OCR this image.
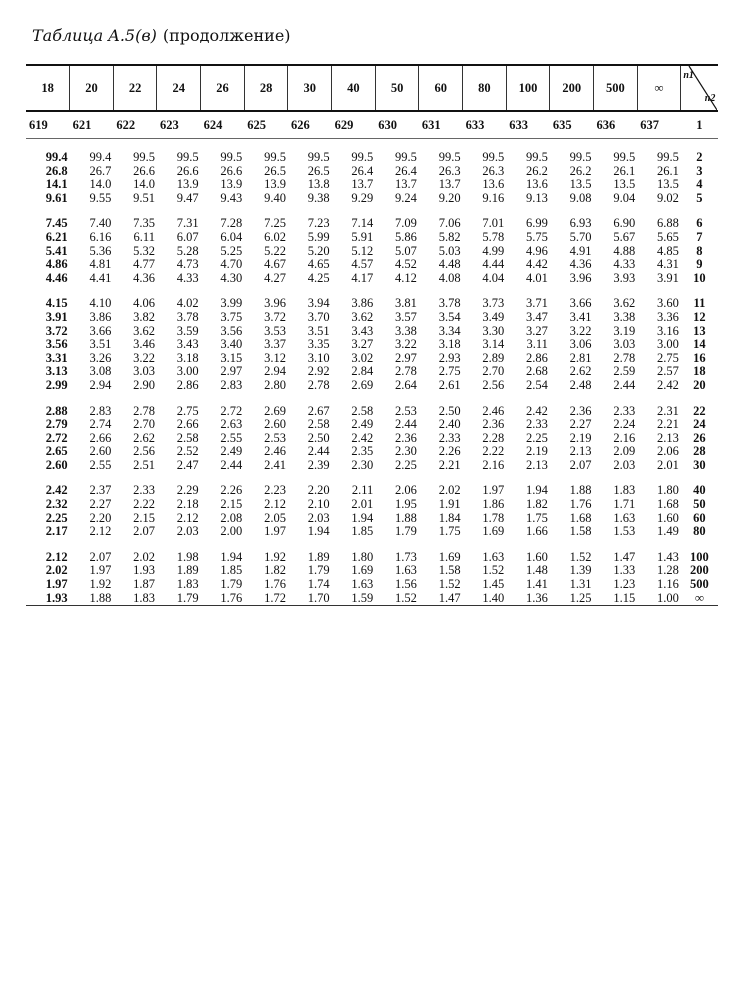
Таблица A.5(в) (продолжение)
18	20	22	24	26	28	30	40	50	60	80	100	200	500	∞	n1
n2

619	621	622	623	624	625	626	629	630	631	633	633	635	636	637	1

99.4	99.4	99.5	99.5	99.5	99.5	99.5	99.5	99.5	99.5	99.5	99.5	99.5	99.5	99.5	2
26.8	26.7	26.6	26.6	26.6	26.5	26.5	26.4	26.4	26.3	26.3	26.2	26.2	26.1	26.1	3
14.1	14.0	14.0	13.9	13.9	13.9	13.8	13.7	13.7	13.7	13.6	13.6	13.5	13.5	13.5	4
9.61	9.55	9.51	9.47	9.43	9.40	9.38	9.29	9.24	9.20	9.16	9.13	9.08	9.04	9.02	5

7.45	7.40	7.35	7.31	7.28	7.25	7.23	7.14	7.09	7.06	7.01	6.99	6.93	6.90	6.88	6
6.21	6.16	6.11	6.07	6.04	6.02	5.99	5.91	5.86	5.82	5.78	5.75	5.70	5.67	5.65	7
5.41	5.36	5.32	5.28	5.25	5.22	5.20	5.12	5.07	5.03	4.99	4.96	4.91	4.88	4.85	8
4.86	4.81	4.77	4.73	4.70	4.67	4.65	4.57	4.52	4.48	4.44	4.42	4.36	4.33	4.31	9
4.46	4.41	4.36	4.33	4.30	4.27	4.25	4.17	4.12	4.08	4.04	4.01	3.96	3.93	3.91	10

4.15	4.10	4.06	4.02	3.99	3.96	3.94	3.86	3.81	3.78	3.73	3.71	3.66	3.62	3.60	11
3.91	3.86	3.82	3.78	3.75	3.72	3.70	3.62	3.57	3.54	3.49	3.47	3.41	3.38	3.36	12
3.72	3.66	3.62	3.59	3.56	3.53	3.51	3.43	3.38	3.34	3.30	3.27	3.22	3.19	3.16	13
3.56	3.51	3.46	3.43	3.40	3.37	3.35	3.27	3.22	3.18	3.14	3.11	3.06	3.03	3.00	14
3.31	3.26	3.22	3.18	3.15	3.12	3.10	3.02	2.97	2.93	2.89	2.86	2.81	2.78	2.75	16
3.13	3.08	3.03	3.00	2.97	2.94	2.92	2.84	2.78	2.75	2.70	2.68	2.62	2.59	2.57	18
2.99	2.94	2.90	2.86	2.83	2.80	2.78	2.69	2.64	2.61	2.56	2.54	2.48	2.44	2.42	20

2.88	2.83	2.78	2.75	2.72	2.69	2.67	2.58	2.53	2.50	2.46	2.42	2.36	2.33	2.31	22
2.79	2.74	2.70	2.66	2.63	2.60	2.58	2.49	2.44	2.40	2.36	2.33	2.27	2.24	2.21	24
2.72	2.66	2.62	2.58	2.55	2.53	2.50	2.42	2.36	2.33	2.28	2.25	2.19	2.16	2.13	26
2.65	2.60	2.56	2.52	2.49	2.46	2.44	2.35	2.30	2.26	2.22	2.19	2.13	2.09	2.06	28
2.60	2.55	2.51	2.47	2.44	2.41	2.39	2.30	2.25	2.21	2.16	2.13	2.07	2.03	2.01	30

2.42	2.37	2.33	2.29	2.26	2.23	2.20	2.11	2.06	2.02	1.97	1.94	1.88	1.83	1.80	40
2.32	2.27	2.22	2.18	2.15	2.12	2.10	2.01	1.95	1.91	1.86	1.82	1.76	1.71	1.68	50
2.25	2.20	2.15	2.12	2.08	2.05	2.03	1.94	1.88	1.84	1.78	1.75	1.68	1.63	1.60	60
2.17	2.12	2.07	2.03	2.00	1.97	1.94	1.85	1.79	1.75	1.69	1.66	1.58	1.53	1.49	80

2.12	2.07	2.02	1.98	1.94	1.92	1.89	1.80	1.73	1.69	1.63	1.60	1.52	1.47	1.43	100
2.02	1.97	1.93	1.89	1.85	1.82	1.79	1.69	1.63	1.58	1.52	1.48	1.39	1.33	1.28	200
1.97	1.92	1.87	1.83	1.79	1.76	1.74	1.63	1.56	1.52	1.45	1.41	1.31	1.23	1.16	500
1.93	1.88	1.83	1.79	1.76	1.72	1.70	1.59	1.52	1.47	1.40	1.36	1.25	1.15	1.00	∞
